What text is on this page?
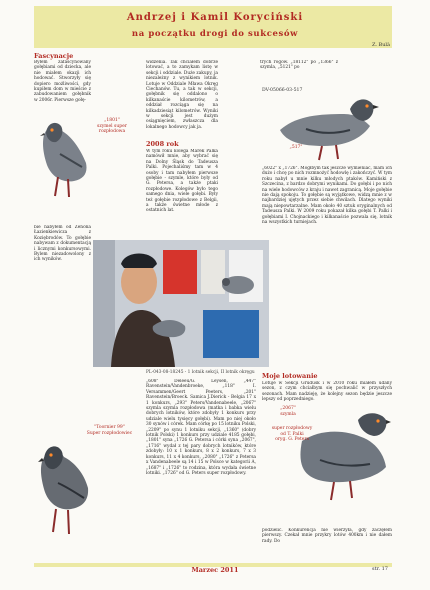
Andrzej i Kamil Koryciński
na początku drogi do sukcesów
Z. Bulà
Fascynacje
Byłem zafascynowany gołębiami od dziecka, ale nie miałem okazji ich hodować. Stworzyły się dopiero możliwości, gdy kupiłem dom w mieście z zabudowaniem gołębnik w 2006r. Pierwsze gołę-
„1801"
szymel super rozpłodowa
bie nabyłem od Zenona Łazienkiewicza z Koziębrodów. To gołębie nabywam z dokumentacją i licznymi konkursowymi. Bylem niezadowolony z ich wyników.
"Toornier 99"
Super rozpłodowiec
widzenia. Tak chciałem dobrze lotować, a to zamykam listę w sekcji i oddziale. Duże zakupy, ja niezależny z wynikiem lotnik. Lotuje w Oddziale Mława Okręg Ciechanów. Tu, a tak w sekcji, gołębnik się oddalono o kilkanaście kilometrów, a oddział rozciąga się na kilkadziesiąt kilometrów. Wyniki w sekcji jest dużym osiągnięciem, zwłaszcza dla lokalnego hodowcy jak ja.
2008 rok
W tym roku kolega Marek Palka namówił mnie, aby wybrać się na Dolny Śląsk do Tadeusza Palki. Pojechaliśmy tam w 4 osoby i tam nabyłem pierwsze gołębie - szymle, które były od G. Petersa, a także ptaki rozpłodowe. Kolegów było tego samego dnia, wiele gołębi. Były też gołębie rozpłodowe z Belgii, a także świetne młode z ostatnich lat.
PL-043-08-18245 - 1 lotnik sekcji, II lotnik okręgu
„608" Deleeu/G. Leysen, „447" Ravenstein/Vandenbroeke, „118" I. Versammen/Geert Peeters, „201" Ravenstein/Broeck. Samica J.Dierick - Belgia 17 x 1 konkurs, „293" Peters/Vandenabeele, „2067" szymla szymla rozpłodowa (matka i babka wielu dobrych lotników, które zdobyły 1 konkurs przy udziale wielu tysięcy gołębi). Mam po niej około 30 synów i córek. Mam córkę po 15 lotniku Polski, „2209" po synu 1 lotniku sekcji, „1360" (dobry lotnik Polski) 1 konkurs przy udziale 4185 gołębi, „1801" syna „1726 G. Petersa i córki syna „2067", „1716" wydał z tej pary dobrych lotników, które zdobyły: 10 x 1 konkurs, 8 x 2 konkurs, 7 x 3 konkurs, 11 x 4 konkurs, „2080" „1726" z Petersa x Vandenabeele są 14 i 15 w Polsce w kategorii A, „1687" i „1726" to rodzina, która wydała świetne lotniki. „1726" od G. Peters super rozpłodowy.
trych rogów. „18112" po „1366" z szymla, „5121" po
DV-05066-03-517
„517"
„6022" x „1726". Mógłbym tak jeszcze wymieniać, mam ich dużo i chcę po nich rozmnożyć hodowlę i zakończyć. W tym roku nabył u mnie kilku młodych ptaków. Kamiński z Szczecina, z bardzo dobrymi wynikami. Do gołębi i po nich na wiele hodowców z kraju i nawet zagranicą. Moje gołębie nie dają spokoju. To gołębie są wyjątkowe, widzą mnie z w najbardziej ujętych przez siebie chwilach. Dlatego wyniki mają niepowtarzalne. Mam około 40 sztuk oryginalnych od Tadeusza Palki. W 2009 roku pokazał kilka gołębi T. Palki i gołębiami I. Chojnackiego i kilkanaście pozwala się, lotnik na wszystkich turniejach.
Moje lotowanie
Lotuje w Sekcji Grudusk i w 2010 roku miałem udany sezon, z czym chciałbym się pochwalić w przyszłych sezonach. Mam nadzieję, że kolejny sezon będzie jeszcze lepszy od poprzedniego.
„2067"
szymla
super rozpłodowy
od T. Palki
oryg. G. Peters
podzielić. Konkurencja nie wierzyła, gdy zaczęłem pierwszy. Czekał mnie przykry lotów 400km i nie dałem rady. Do
Marzec 2011	str. 17
